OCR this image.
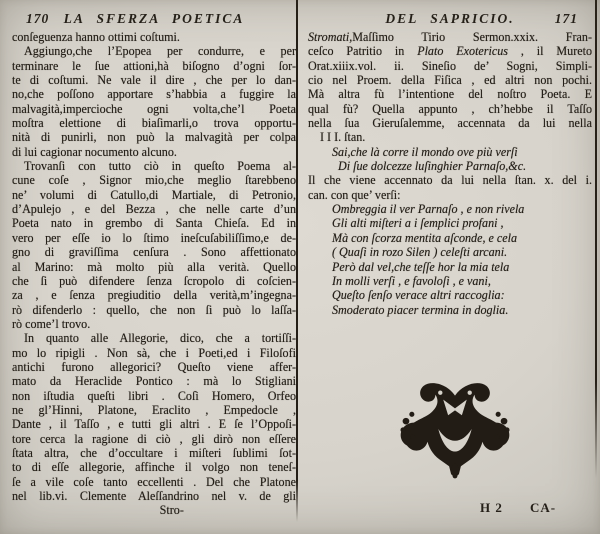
170 LA SFERZA POETICA
conſeguenza hanno ottimi coſtumi.
Aggiungo,che l’Epopea per condurre, e per
terminare le ſue attioni,hà biſogno d’ogni ſor-
te di coſtumi. Ne vale il dire , che per lo dan-
no,che poſſono apportare s’habbia a fuggire la
malvagità,impercioche ogni volta,che’l Poeta
moſtra elettione di biaſimarli,o trova opportu-
nità di punirli, non può la malvagità per colpa
di lui cagionar nocumento alcuno.
Trovanſi con tutto ciò in queſto Poema al-
cune coſe , Signor mio,che meglio ſtarebbeno
ne’ volumi di Catullo,di Martiale, di Petronio,
d’Apulejo , e del Bezza , che nelle carte d’un
Poeta nato in grembo di Santa Chieſa. Ed in
vero per eſſe io lo ſtimo ineſcuſabiliſſimo,e de-
gno di graviſſima cenſura . Sono affettionato
al Marino: mà molto più alla verità. Quello
che ſi può difendere ſenza ſcropolo di coſcien-
za , e ſenza pregiuditio della verità,m’ingegna-
rò difenderlo : quello, che non ſi può lo laſſa-
rò come’l trovo.
In quanto alle Allegorie, dico, che a tortiſſi-
mo lo ripigli . Non sà, che i Poeti,ed i Filoſofi
antichi furono allegorici? Queſto viene affer-
mato da Heraclide Pontico : mà lo Stigliani
non iſtudia queſti libri . Coſì Homero, Orfeo
ne gl’Hinni, Platone, Eraclito , Empedocle ,
Dante , il Taſſo , e tutti gli altri . E ſe l’Oppoſi-
tore cerca la ragione di ciò , gli dirò non eſſere
ſtata altra, che d’occultare i miſteri ſublimi ſot-
to di eſſe allegorie, affinche il volgo non teneſ-
ſe a vile coſe tanto eccellenti . Del che Platone
nel lib.vi. Clemente Aleſſandrino nel v. de gli
Stro-
DEL SAPRICIO.	171
Stromati,Maſſimo Tirio Sermon.xxix. Fran-
ceſco Patritio in Plato Exotericus , il Mureto
Orat.xiiix.vol. ii. Sineſio de’ Sogni, Simpli-
cio nel Proem. della Fiſica , ed altri non pochi.
Mà altra fù l’intentione del noſtro Poeta. E
qual fù? Quella appunto , ch’hebbe il Taſſo
nella ſua Gieruſalemme, accennata da lui nella
I I I. ſtan.
Sai,che là corre il mondo ove più verſi
Di ſue dolcezze luſinghier Parnaſo,&c.
Il che viene accennato da lui nella ſtan. x. del i.
can. con que’ verſi:
Ombreggia il ver Parnaſo , e non rivela
Gli alti miſteri a i ſemplici profani ,
Mà con ſcorza mentita aſconde, e cela
( Quaſi in rozo Silen ) celeſti arcani.
Però dal vel,che teſſe hor la mia tela
In molli verſi , e favoloſi , e vani,
Queſto ſenſo verace altri raccoglia:
Smoderato piacer termina in doglia.
H 2 CA-
